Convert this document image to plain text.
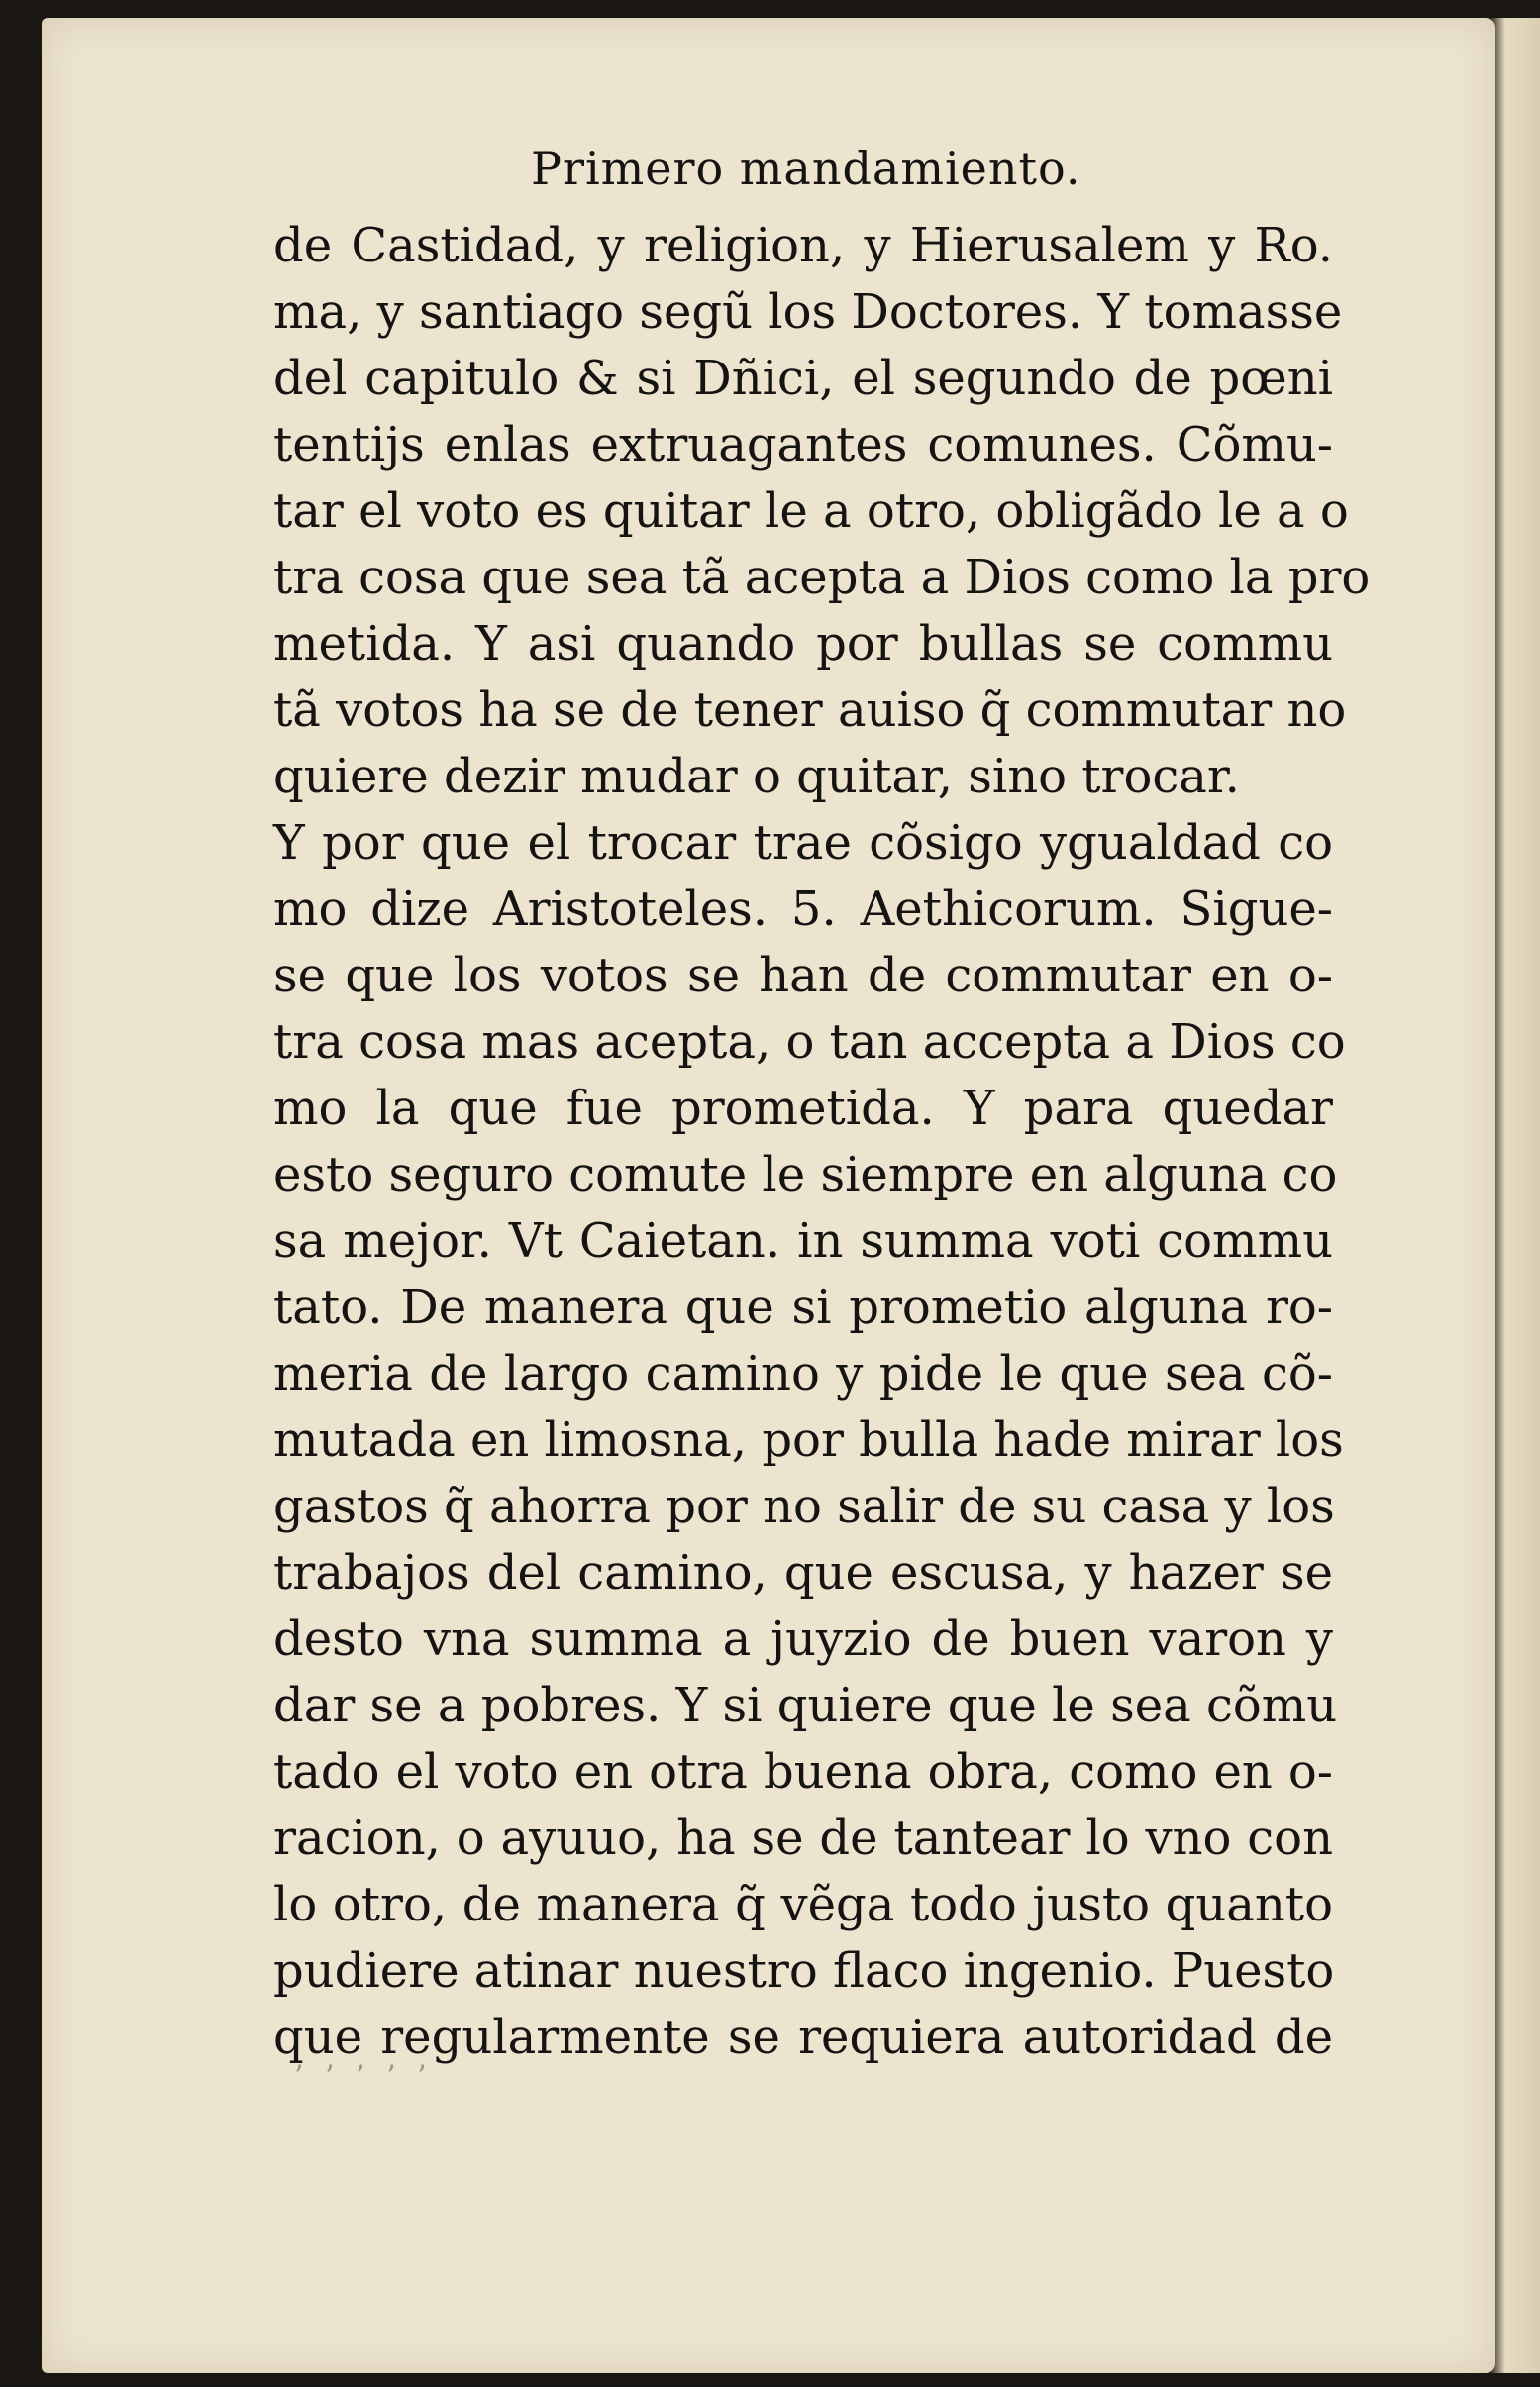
Primero mandamiento.
de Castidad, y religion, y Hierusalem y Ro.
ma, y santiago segũ los Doctores. Y tomasse
del capitulo & si Dñici, el segundo de pœni
tentijs enlas extruagantes comunes. Cõmu-
tar el voto es quitar le a otro, obligãdo le a o
tra cosa que sea tã acepta a Dios como la pro
metida. Y asi quando por bullas se commu
tã votos ha se de tener auiso q̃ commutar no
quiere dezir mudar o quitar, sino trocar.
Y por que el trocar trae cõsigo ygualdad co
mo dize Aristoteles. 5. Aethicorum. Sigue-
se que los votos se han de commutar en o-
tra cosa mas acepta, o tan accepta a Dios co
mo la que fue prometida. Y para quedar
esto seguro comute le siempre en alguna co
sa mejor. Vt Caietan. in summa voti commu
tato. De manera que si prometio alguna ro-
meria de largo camino y pide le que sea cõ-
mutada en limosna, por bulla hade mirar los
gastos q̃ ahorra por no salir de su casa y los
trabajos del camino, que escusa, y hazer se
desto vna summa a juyzio de buen varon y
dar se a pobres. Y si quiere que le sea cõmu
tado el voto en otra buena obra, como en o-
racion, o ayuuo, ha se de tantear lo vno con
lo otro, de manera q̃ vẽga todo justo quanto
pudiere atinar nuestro flaco ingenio. Puesto
que regularmente se requiera autoridad de
ʼ ʼ ʼ ʼ ʼ
